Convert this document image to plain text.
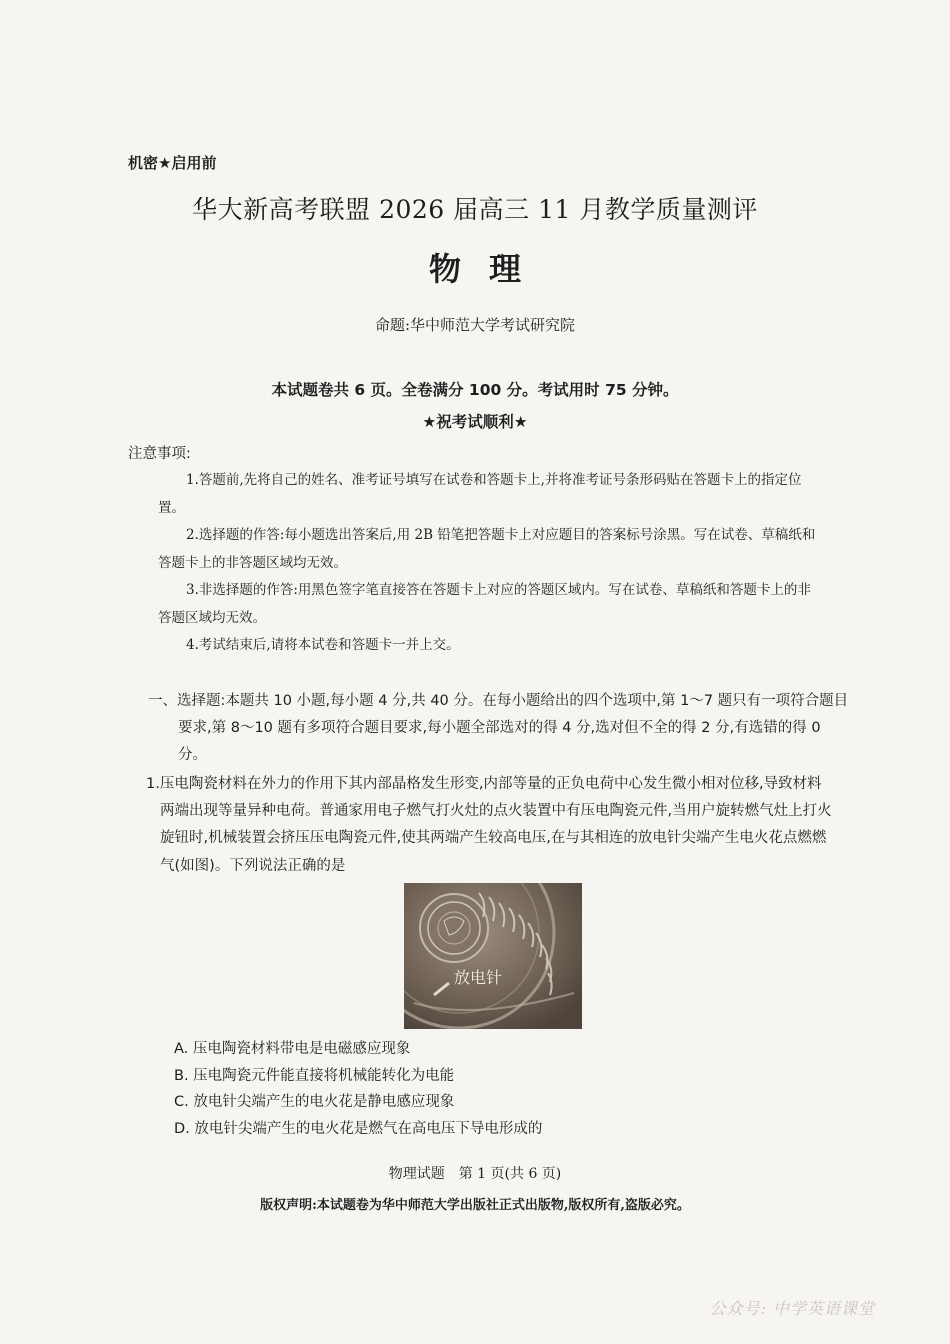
机密★启用前
华大新高考联盟 2026 届高三 11 月教学质量测评
物理
命题:华中师范大学考试研究院
本试题卷共 6 页。全卷满分 100 分。考试用时 75 分钟。
★祝考试顺利★
注意事项:

1.答题前,先将自己的姓名、准考证号填写在试卷和答题卡上,并将准考证号条形码贴在答题卡上的指定位置。

2.选择题的作答:每小题选出答案后,用 2B 铅笔把答题卡上对应题目的答案标号涂黑。写在试卷、草稿纸和答题卡上的非答题区域均无效。

3.非选择题的作答:用黑色签字笔直接答在答题卡上对应的答题区域内。写在试卷、草稿纸和答题卡上的非答题区域均无效。

4.考试结束后,请将本试卷和答题卡一并上交。

一、选择题:本题共 10 小题,每小题 4 分,共 40 分。在每小题给出的四个选项中,第 1～7 题只有一项符合题目要求,第 8～10 题有多项符合题目要求,每小题全部选对的得 4 分,选对但不全的得 2 分,有选错的得 0 分。
1.压电陶瓷材料在外力的作用下其内部晶格发生形变,内部等量的正负电荷中心发生微小相对位移,导致材料两端出现等量异种电荷。普通家用电子燃气打火灶的点火装置中有压电陶瓷元件,当用户旋转燃气灶上打火旋钮时,机械装置会挤压压电陶瓷元件,使其两端产生较高电压,在与其相连的放电针尖端产生电火花点燃燃气(如图)。下列说法正确的是
放电针
A. 压电陶瓷材料带电是电磁感应现象
B. 压电陶瓷元件能直接将机械能转化为电能
C. 放电针尖端产生的电火花是静电感应现象
D. 放电针尖端产生的电火花是燃气在高电压下导电形成的
物理试题　第 1 页(共 6 页)
版权声明:本试题卷为华中师范大学出版社正式出版物,版权所有,盗版必究。
公众号: 中学英语课堂
